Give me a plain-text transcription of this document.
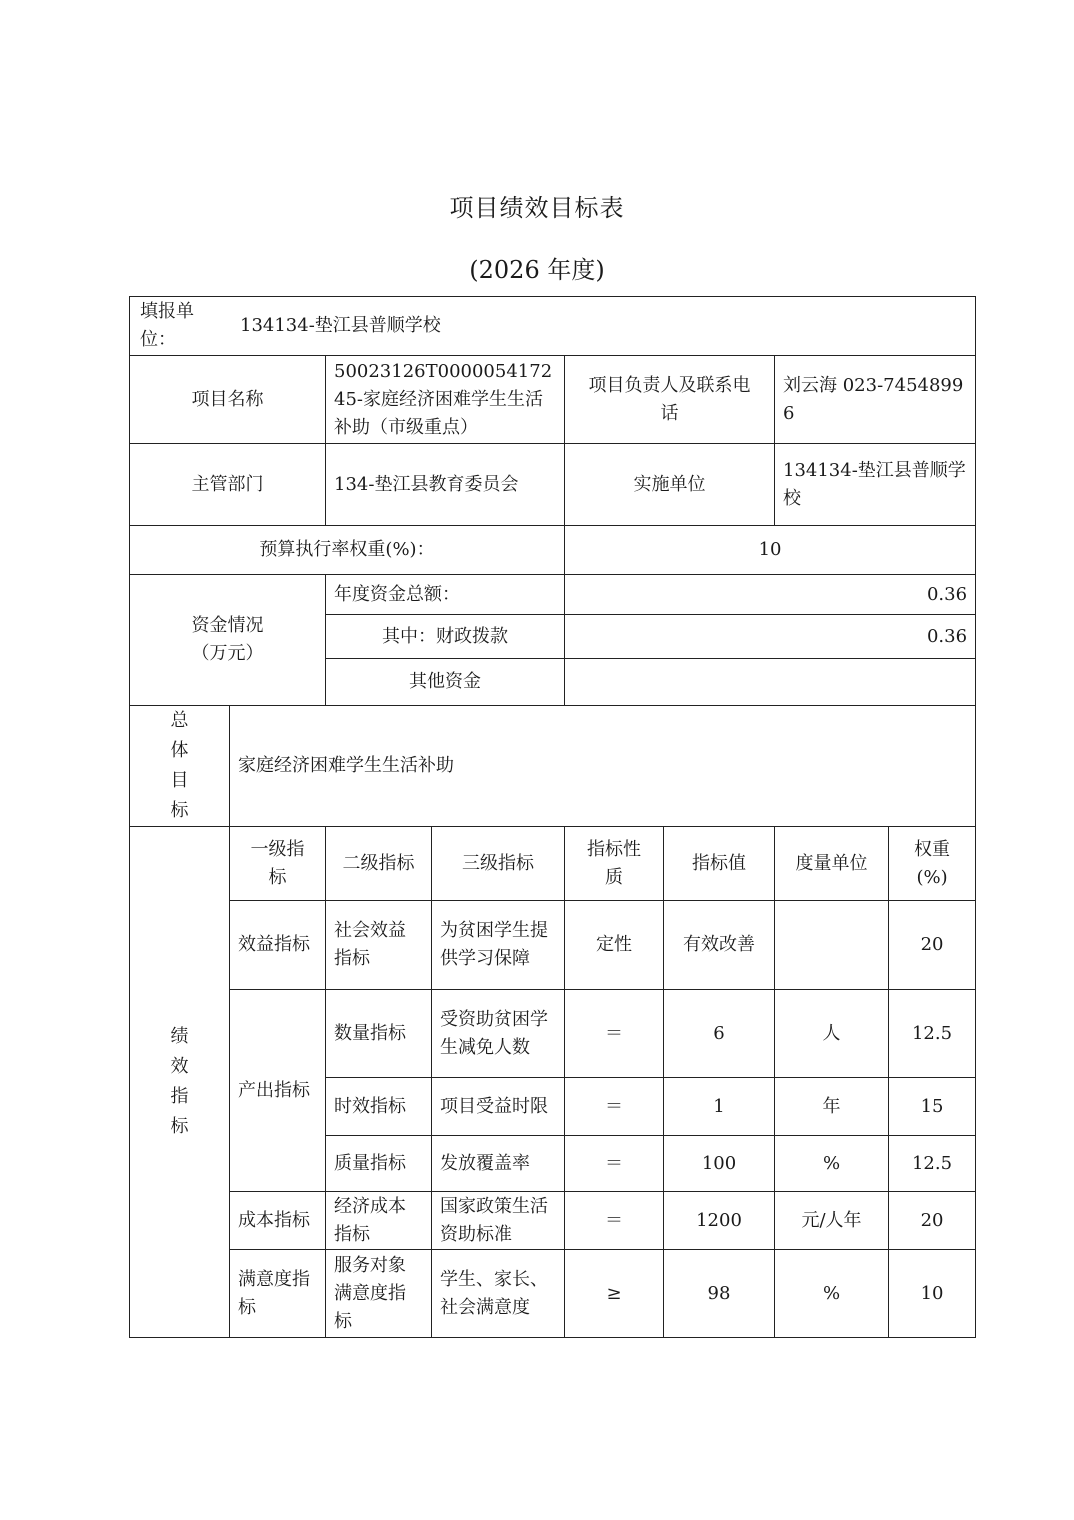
项目绩效目标表
(2026 年度)
填报单位：
134134-垫江县普顺学校							

项目名称		50023126T000005417245-家庭经济困难学生生活补助（市级重点）		项目负责人及联系电话		刘云海 023-74548996	
主管部门		134-垫江县教育委员会		实施单位		134134-垫江县普顺学校	
预算执行率权重(%)：				10			
资金情况（万元）		年度资金总额：		0.36			
		其中：财政拨款		0.36			
		其他资金					
总体目标	家庭经济困难学生生活补助						
绩效指标	一级指标	二级指标	三级指标	指标性质	指标值	度量单位	权重(%)
	效益指标	社会效益指标	为贫困学生提供学习保障	定性	有效改善		20
	产出指标	数量指标	受资助贫困学生减免人数	＝	6	人	12.5
		时效指标	项目受益时限	＝	1	年	15
		质量指标	发放覆盖率	＝	100	%	12.5
	成本指标	经济成本指标	国家政策生活资助标准	＝	1200	元/人年	20
	满意度指标	服务对象满意度指标	学生、家长、社会满意度	≥	98	%	10
